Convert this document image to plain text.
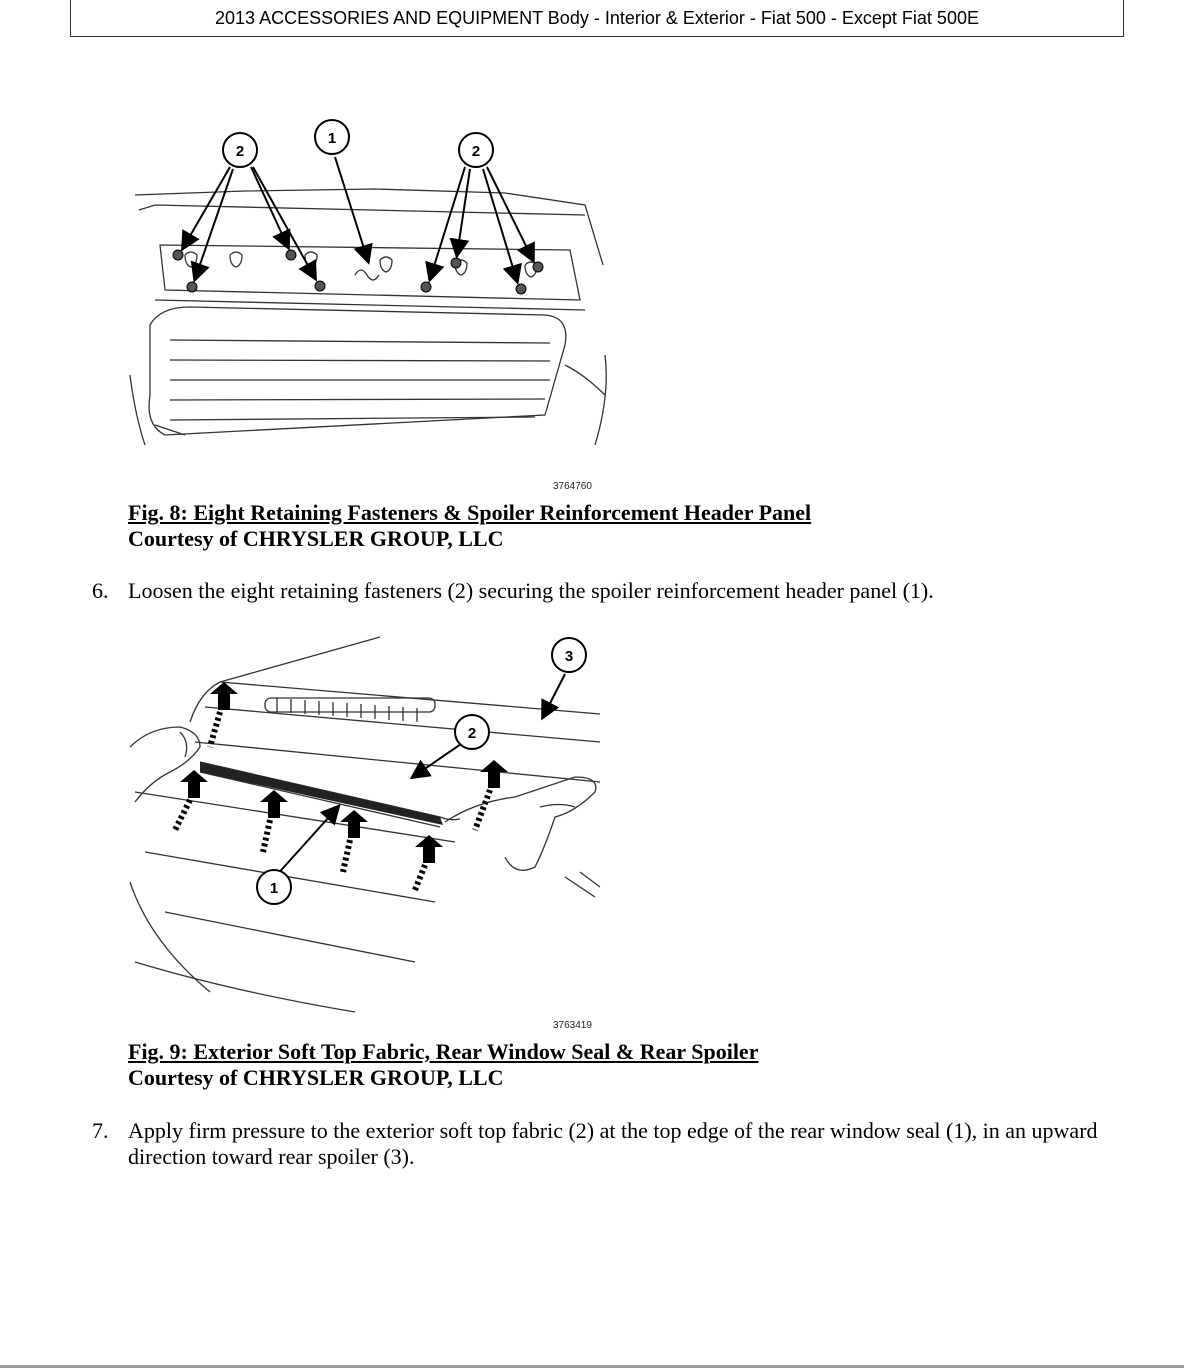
2013 ACCESSORIES AND EQUIPMENT Body - Interior & Exterior - Fiat 500 - Except Fiat 500E
2
1
2
3764760
Fig. 8: Eight Retaining Fasteners & Spoiler Reinforcement Header Panel
Courtesy of CHRYSLER GROUP, LLC
6. Loosen the eight retaining fasteners (2) securing the spoiler reinforcement header panel (1).
1
2
3
3763419
Fig. 9: Exterior Soft Top Fabric, Rear Window Seal & Rear Spoiler
Courtesy of CHRYSLER GROUP, LLC
7. Apply firm pressure to the exterior soft top fabric (2) at the top edge of the rear window seal (1), in an upward direction toward rear spoiler (3).
